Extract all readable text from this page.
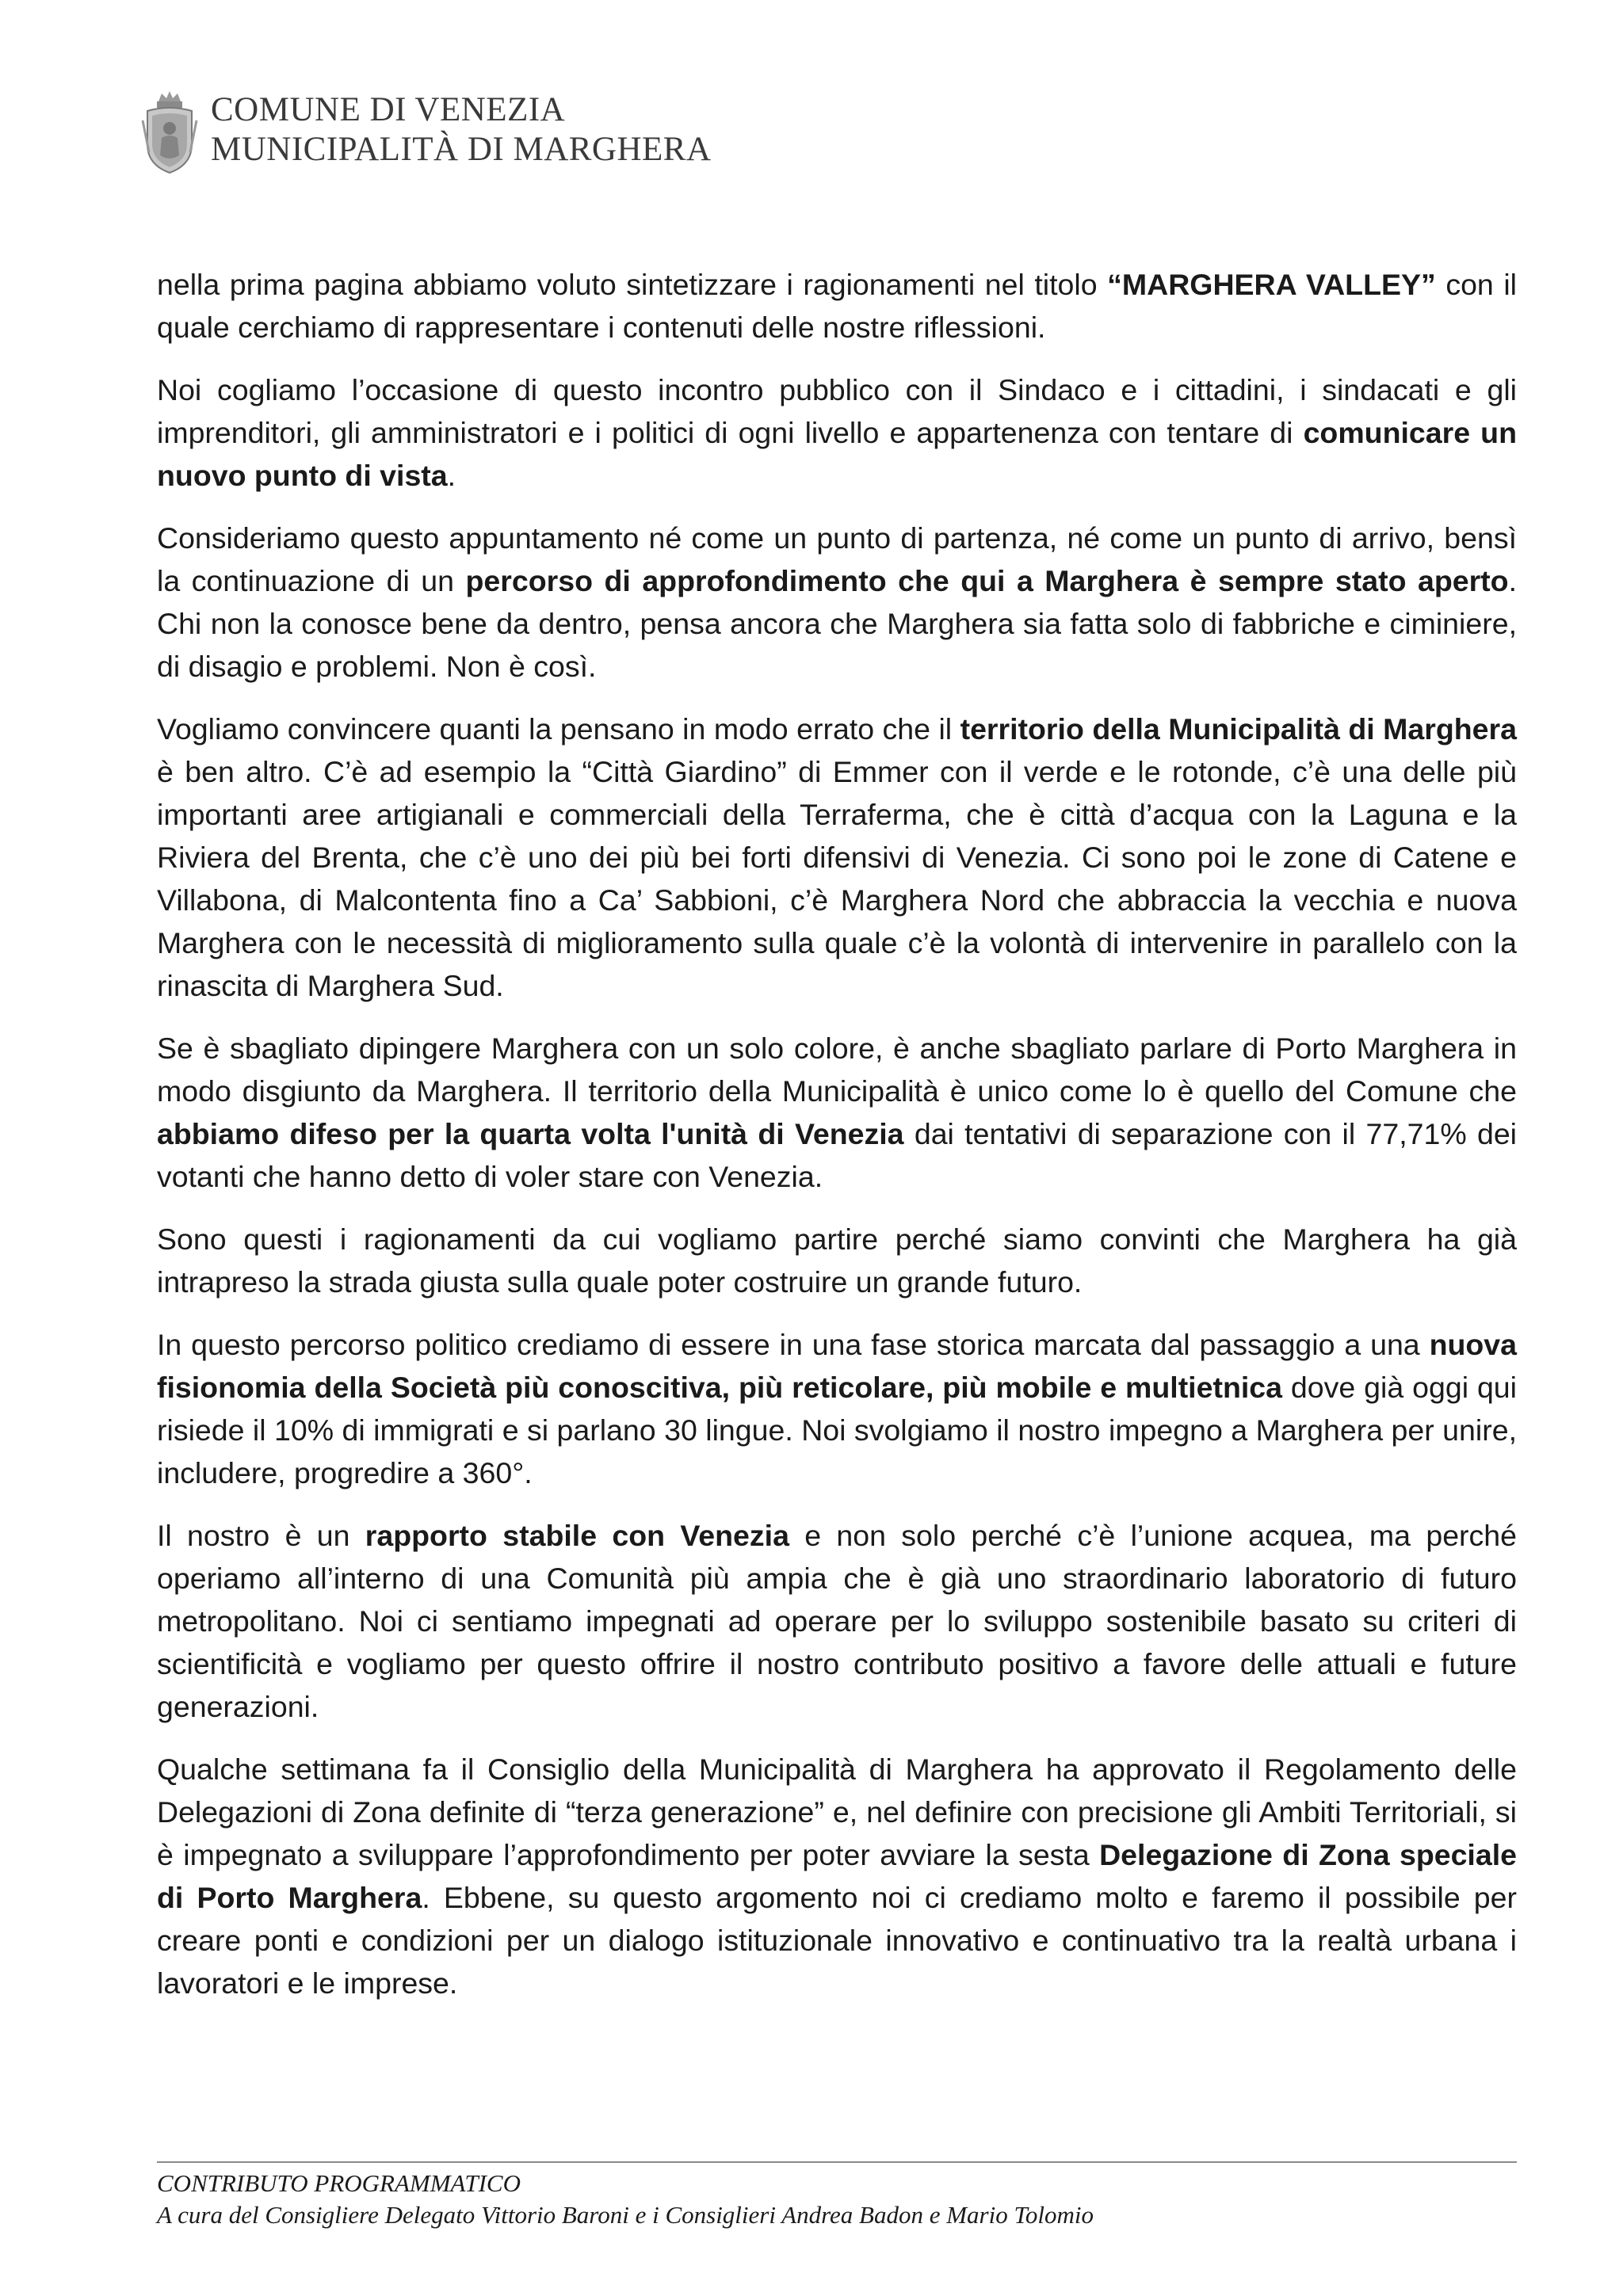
COMUNE DI VENEZIA
MUNICIPALITÀ DI MARGHERA

nella prima pagina abbiamo voluto sintetizzare i ragionamenti nel titolo “MARGHERA VALLEY” con il quale cerchiamo di rappresentare i contenuti delle nostre riflessioni.

Noi cogliamo l’occasione di questo incontro pubblico con il Sindaco e i cittadini, i sindacati e gli imprenditori, gli amministratori e i politici di ogni livello e appartenenza con tentare di comunicare un nuovo punto di vista.

Consideriamo questo appuntamento né come un punto di partenza, né come un punto di arrivo, bensì la continuazione di un percorso di approfondimento che qui a Marghera è sempre stato aperto. Chi non la conosce bene da dentro, pensa ancora che Marghera sia fatta solo di fabbriche e ciminiere, di disagio e problemi. Non è così.

Vogliamo convincere quanti la pensano in modo errato che il territorio della Municipalità di Marghera è ben altro. C’è ad esempio la “Città Giardino” di Emmer con il verde e le rotonde, c’è una delle più importanti aree artigianali e commerciali della Terraferma, che è città d’acqua con la Laguna e la Riviera del Brenta, che c’è uno dei più bei forti difensivi di Venezia. Ci sono poi le zone di Catene e Villabona, di Malcontenta fino a Ca’ Sabbioni, c’è Marghera Nord che abbraccia la vecchia e nuova Marghera con le necessità di miglioramento sulla quale c’è la volontà di intervenire in parallelo con la rinascita di Marghera Sud.

Se è sbagliato dipingere Marghera con un solo colore, è anche sbagliato parlare di Porto Marghera in modo disgiunto da Marghera. Il territorio della Municipalità è unico come lo è quello del Comune che abbiamo difeso per la quarta volta l'unità di Venezia dai tentativi di separazione con il 77,71% dei votanti che hanno detto di voler stare con Venezia.

Sono questi i ragionamenti da cui vogliamo partire perché siamo convinti che Marghera ha già intrapreso la strada giusta sulla quale poter costruire un grande futuro.

In questo percorso politico crediamo di essere in una fase storica marcata dal passaggio a una nuova fisionomia della Società più conoscitiva, più reticolare, più mobile e multietnica dove già oggi qui risiede il 10% di immigrati e si parlano 30 lingue. Noi svolgiamo il nostro impegno a Marghera per unire, includere, progredire a 360°.

Il nostro è un rapporto stabile con Venezia e non solo perché c’è l’unione acquea, ma perché operiamo all’interno di una Comunità più ampia che è già uno straordinario laboratorio di futuro metropolitano. Noi ci sentiamo impegnati ad operare per lo sviluppo sostenibile basato su criteri di scientificità e vogliamo per questo offrire il nostro contributo positivo a favore delle attuali e future generazioni.

Qualche settimana fa il Consiglio della Municipalità di Marghera ha approvato il Regolamento delle Delegazioni di Zona definite di “terza generazione” e, nel definire con precisione gli Ambiti Territoriali, si è impegnato a sviluppare l’approfondimento per poter avviare la sesta Delegazione di Zona speciale di Porto Marghera. Ebbene, su questo argomento noi ci crediamo molto e faremo il possibile per creare ponti e condizioni per un dialogo istituzionale innovativo e continuativo tra la realtà urbana i lavoratori e le imprese.

CONTRIBUTO PROGRAMMATICO
A cura del Consigliere Delegato Vittorio Baroni e i Consiglieri Andrea Badon e Mario Tolomio
